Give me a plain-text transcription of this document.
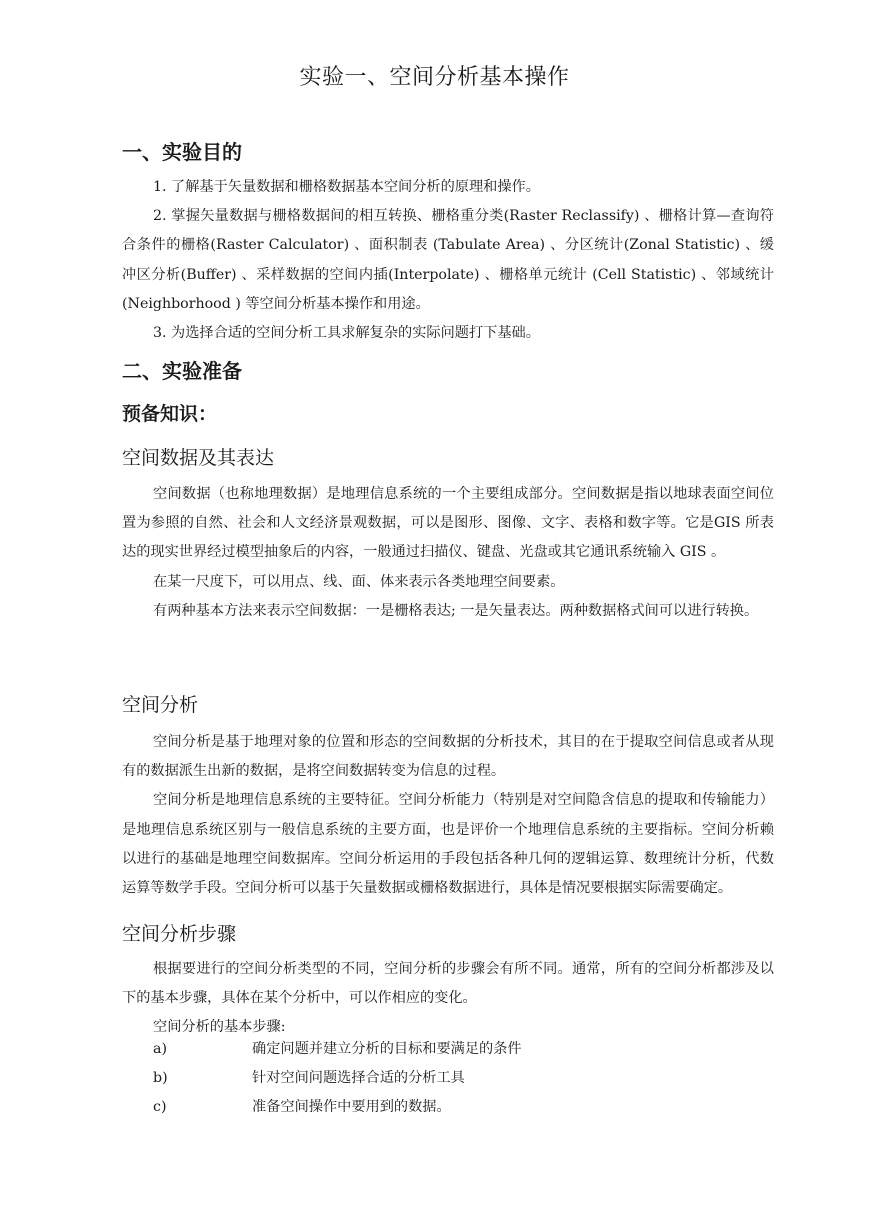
实验一、空间分析基本操作
一、实验目的

1. 了解基于矢量数据和栅格数据基本空间分析的原理和操作。

2. 掌握矢量数据与栅格数据间的相互转换、栅格重分类(Raster Reclassify) 、栅格计算—查询符合条件的栅格(Raster Calculator) 、面积制表 (Tabulate Area) 、分区统计(Zonal Statistic) 、缓冲区分析(Buffer) 、采样数据的空间内插(Interpolate) 、栅格单元统计 (Cell Statistic) 、邻域统计 (Neighborhood ) 等空间分析基本操作和用途。

3. 为选择合适的空间分析工具求解复杂的实际问题打下基础。

二、实验准备
预备知识：
空间数据及其表达

空间数据（也称地理数据）是地理信息系统的一个主要组成部分。空间数据是指以地球表面空间位置为参照的自然、社会和人文经济景观数据，可以是图形、图像、文字、表格和数字等。它是GIS 所表达的现实世界经过模型抽象后的内容，一般通过扫描仪、键盘、光盘或其它通讯系统输入 GIS 。

在某一尺度下，可以用点、线、面、体来表示各类地理空间要素。

有两种基本方法来表示空间数据：一是栅格表达; 一是矢量表达。两种数据格式间可以进行转换。

空间分析

空间分析是基于地理对象的位置和形态的空间数据的分析技术，其目的在于提取空间信息或者从现有的数据派生出新的数据，是将空间数据转变为信息的过程。

空间分析是地理信息系统的主要特征。空间分析能力（特别是对空间隐含信息的提取和传输能力）是地理信息系统区别与一般信息系统的主要方面，也是评价一个地理信息系统的主要指标。空间分析赖以进行的基础是地理空间数据库。空间分析运用的手段包括各种几何的逻辑运算、数理统计分析，代数运算等数学手段。空间分析可以基于矢量数据或栅格数据进行，具体是情况要根据实际需要确定。

空间分析步骤

根据要进行的空间分析类型的不同，空间分析的步骤会有所不同。通常，所有的空间分析都涉及以下的基本步骤，具体在某个分析中，可以作相应的变化。

空间分析的基本步骤:

a)	确定问题并建立分析的目标和要满足的条件
b)	针对空间问题选择合适的分析工具
c)	准备空间操作中要用到的数据。
